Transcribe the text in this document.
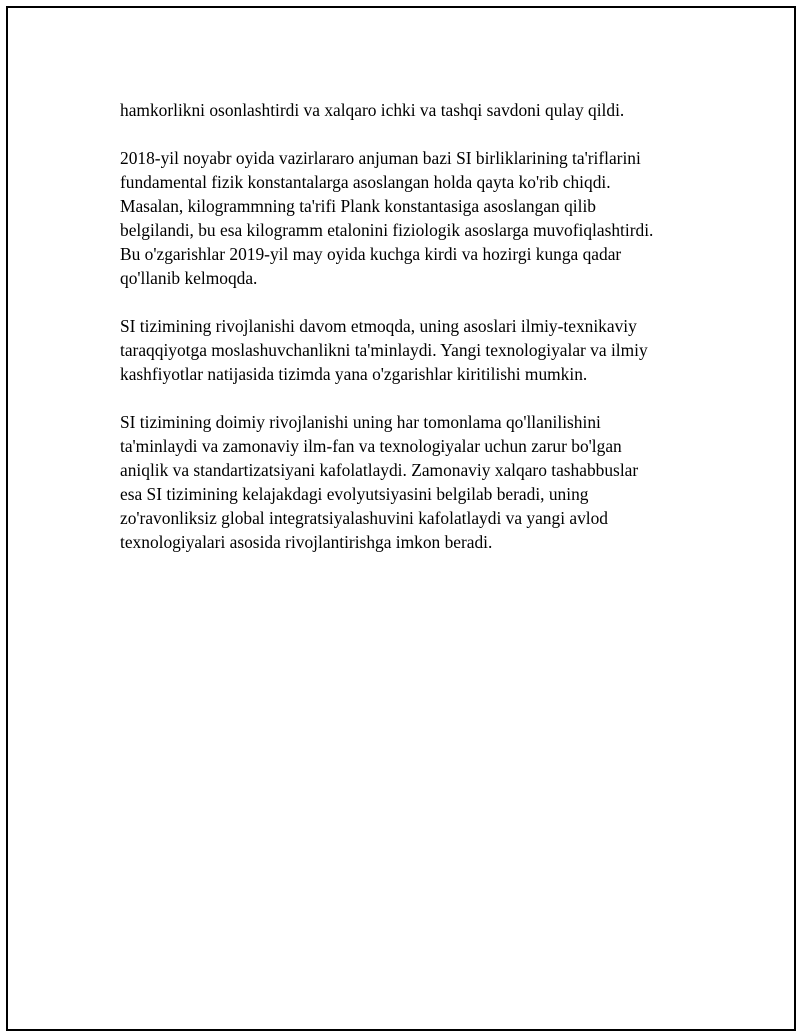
hamkorlikni osonlashtirdi va xalqaro ichki va tashqi savdoni qulay qildi.

2018-yil noyabr oyida vazirlararo anjuman bazi SI birliklarining ta'riflarini
fundamental fizik konstantalarga asoslangan holda qayta ko'rib chiqdi.
Masalan, kilogrammning ta'rifi Plank konstantasiga asoslangan qilib
belgilandi, bu esa kilogramm etalonini fiziologik asoslarga muvofiqlashtirdi.
Bu o'zgarishlar 2019-yil may oyida kuchga kirdi va hozirgi kunga qadar
qo'llanib kelmoqda.

SI tizimining rivojlanishi davom etmoqda, uning asoslari ilmiy-texnikaviy
taraqqiyotga moslashuvchanlikni ta'minlaydi. Yangi texnologiyalar va ilmiy
kashfiyotlar natijasida tizimda yana o'zgarishlar kiritilishi mumkin.

SI tizimining doimiy rivojlanishi uning har tomonlama qo'llanilishini
ta'minlaydi va zamonaviy ilm-fan va texnologiyalar uchun zarur bo'lgan
aniqlik va standartizatsiyani kafolatlaydi. Zamonaviy xalqaro tashabbuslar
esa SI tizimining kelajakdagi evolyutsiyasini belgilab beradi, uning
zo'ravonliksiz global integratsiyalashuvini kafolatlaydi va yangi avlod
texnologiyalari asosida rivojlantirishga imkon beradi.
